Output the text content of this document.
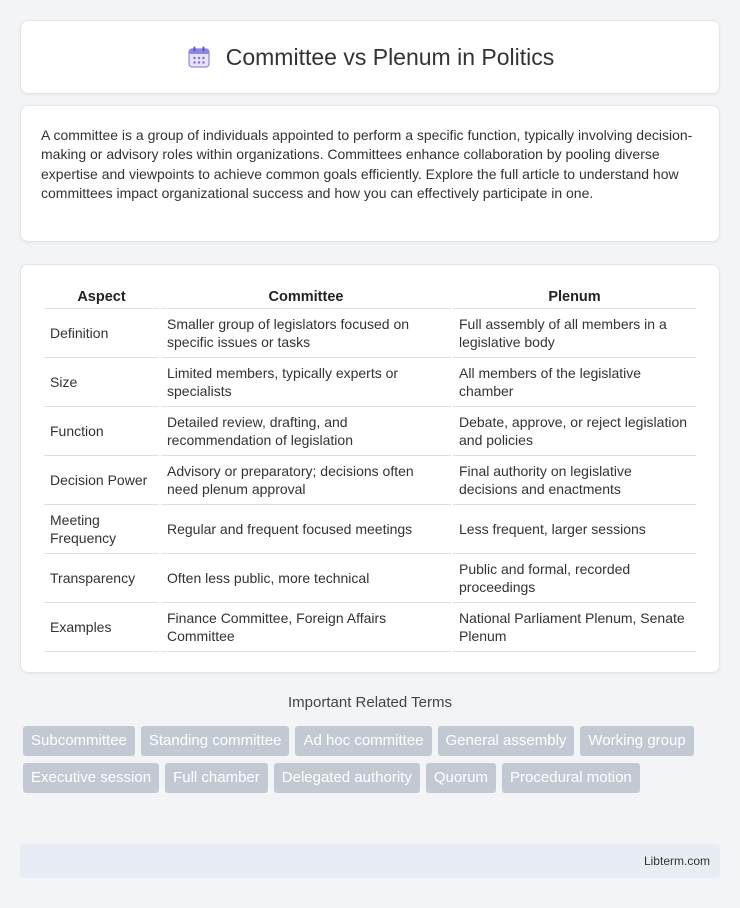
Committee vs Plenum in Politics

A committee is a group of individuals appointed to perform a specific function, typically involving decision-making or advisory roles within organizations. Committees enhance collaboration by pooling diverse expertise and viewpoints to achieve common goals efficiently. Explore the full article to understand how committees impact organizational success and how you can effectively participate in one.

Aspect	Committee	Plenum
Definition	Smaller group of legislators focused on specific issues or tasks	Full assembly of all members in a legislative body
Size	Limited members, typically experts or specialists	All members of the legislative chamber
Function	Detailed review, drafting, and recommendation of legislation	Debate, approve, or reject legislation and policies
Decision Power	Advisory or preparatory; decisions often need plenum approval	Final authority on legislative decisions and enactments
Meeting Frequency	Regular and frequent focused meetings	Less frequent, larger sessions
Transparency	Often less public, more technical	Public and formal, recorded proceedings
Examples	Finance Committee, Foreign Affairs Committee	National Parliament Plenum, Senate Plenum
Important Related Terms
Subcommittee	Standing committee	Ad hoc committee	General assembly	Working group
Executive session	Full chamber	Delegated authority	Quorum	Procedural motion
Libterm.com
